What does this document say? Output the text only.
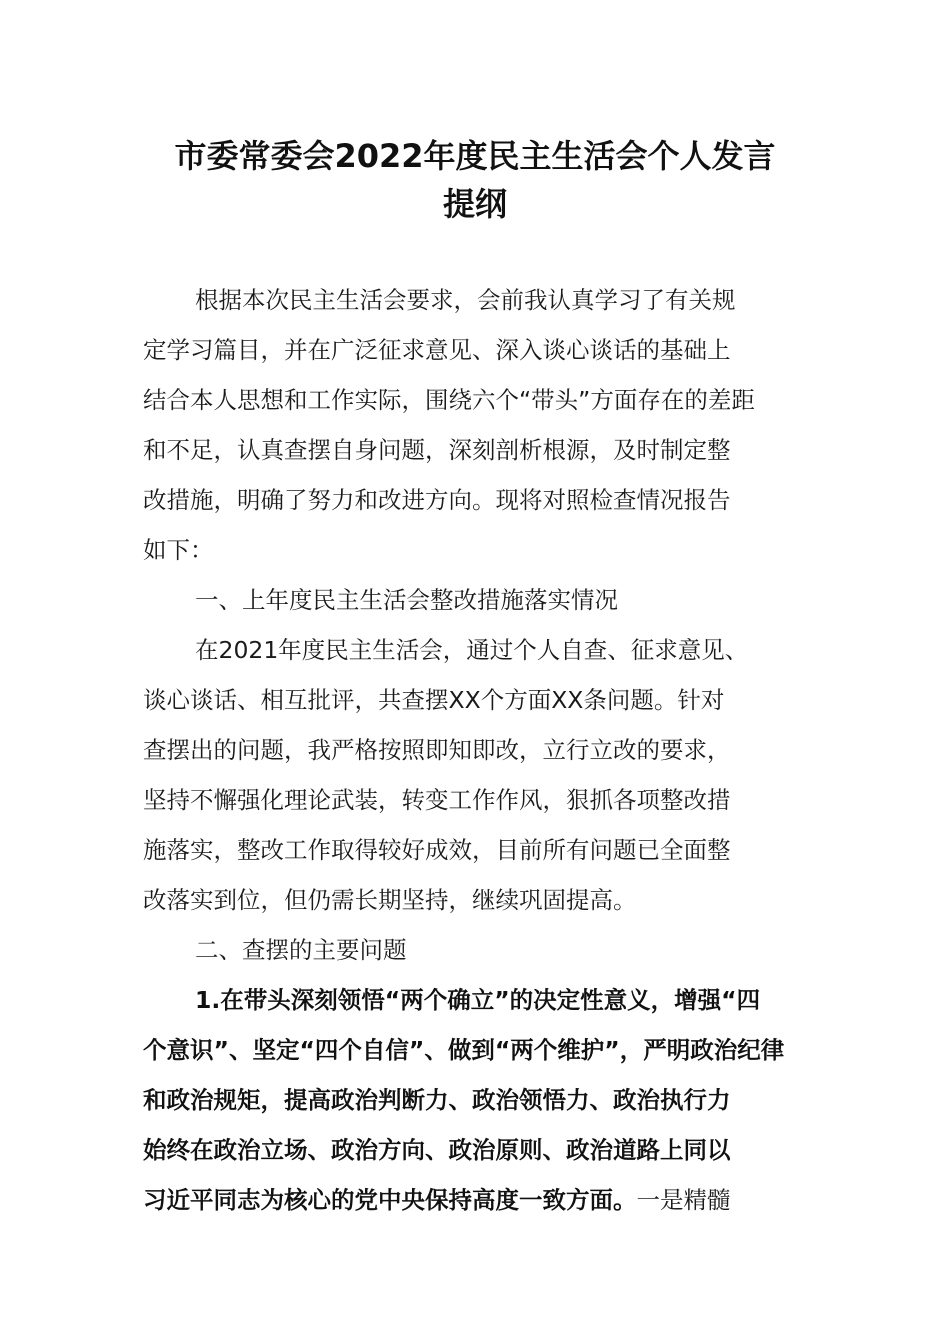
市委常委会2022年度民主生活会个人发言
提纲
根据本次民主生活会要求，会前我认真学习了有关规
定学习篇目，并在广泛征求意见、深入谈心谈话的基础上
结合本人思想和工作实际，围绕六个“带头”方面存在的差距
和不足，认真查摆自身问题，深刻剖析根源，及时制定整
改措施，明确了努力和改进方向。现将对照检查情况报告
如下：
一、上年度民主生活会整改措施落实情况
在2021年度民主生活会，通过个人自查、征求意见、
谈心谈话、相互批评，共查摆XX个方面XX条问题。针对
查摆出的问题，我严格按照即知即改，立行立改的要求，
坚持不懈强化理论武装，转变工作作风，狠抓各项整改措
施落实，整改工作取得较好成效，目前所有问题已全面整
改落实到位，但仍需长期坚持，继续巩固提高。
二、查摆的主要问题
1.在带头深刻领悟“两个确立”的决定性意义，增强“四
个意识”、坚定“四个自信”、做到“两个维护”，严明政治纪律
和政治规矩，提高政治判断力、政治领悟力、政治执行力
始终在政治立场、政治方向、政治原则、政治道路上同以
习近平同志为核心的党中央保持高度一致方面。一是精髓
